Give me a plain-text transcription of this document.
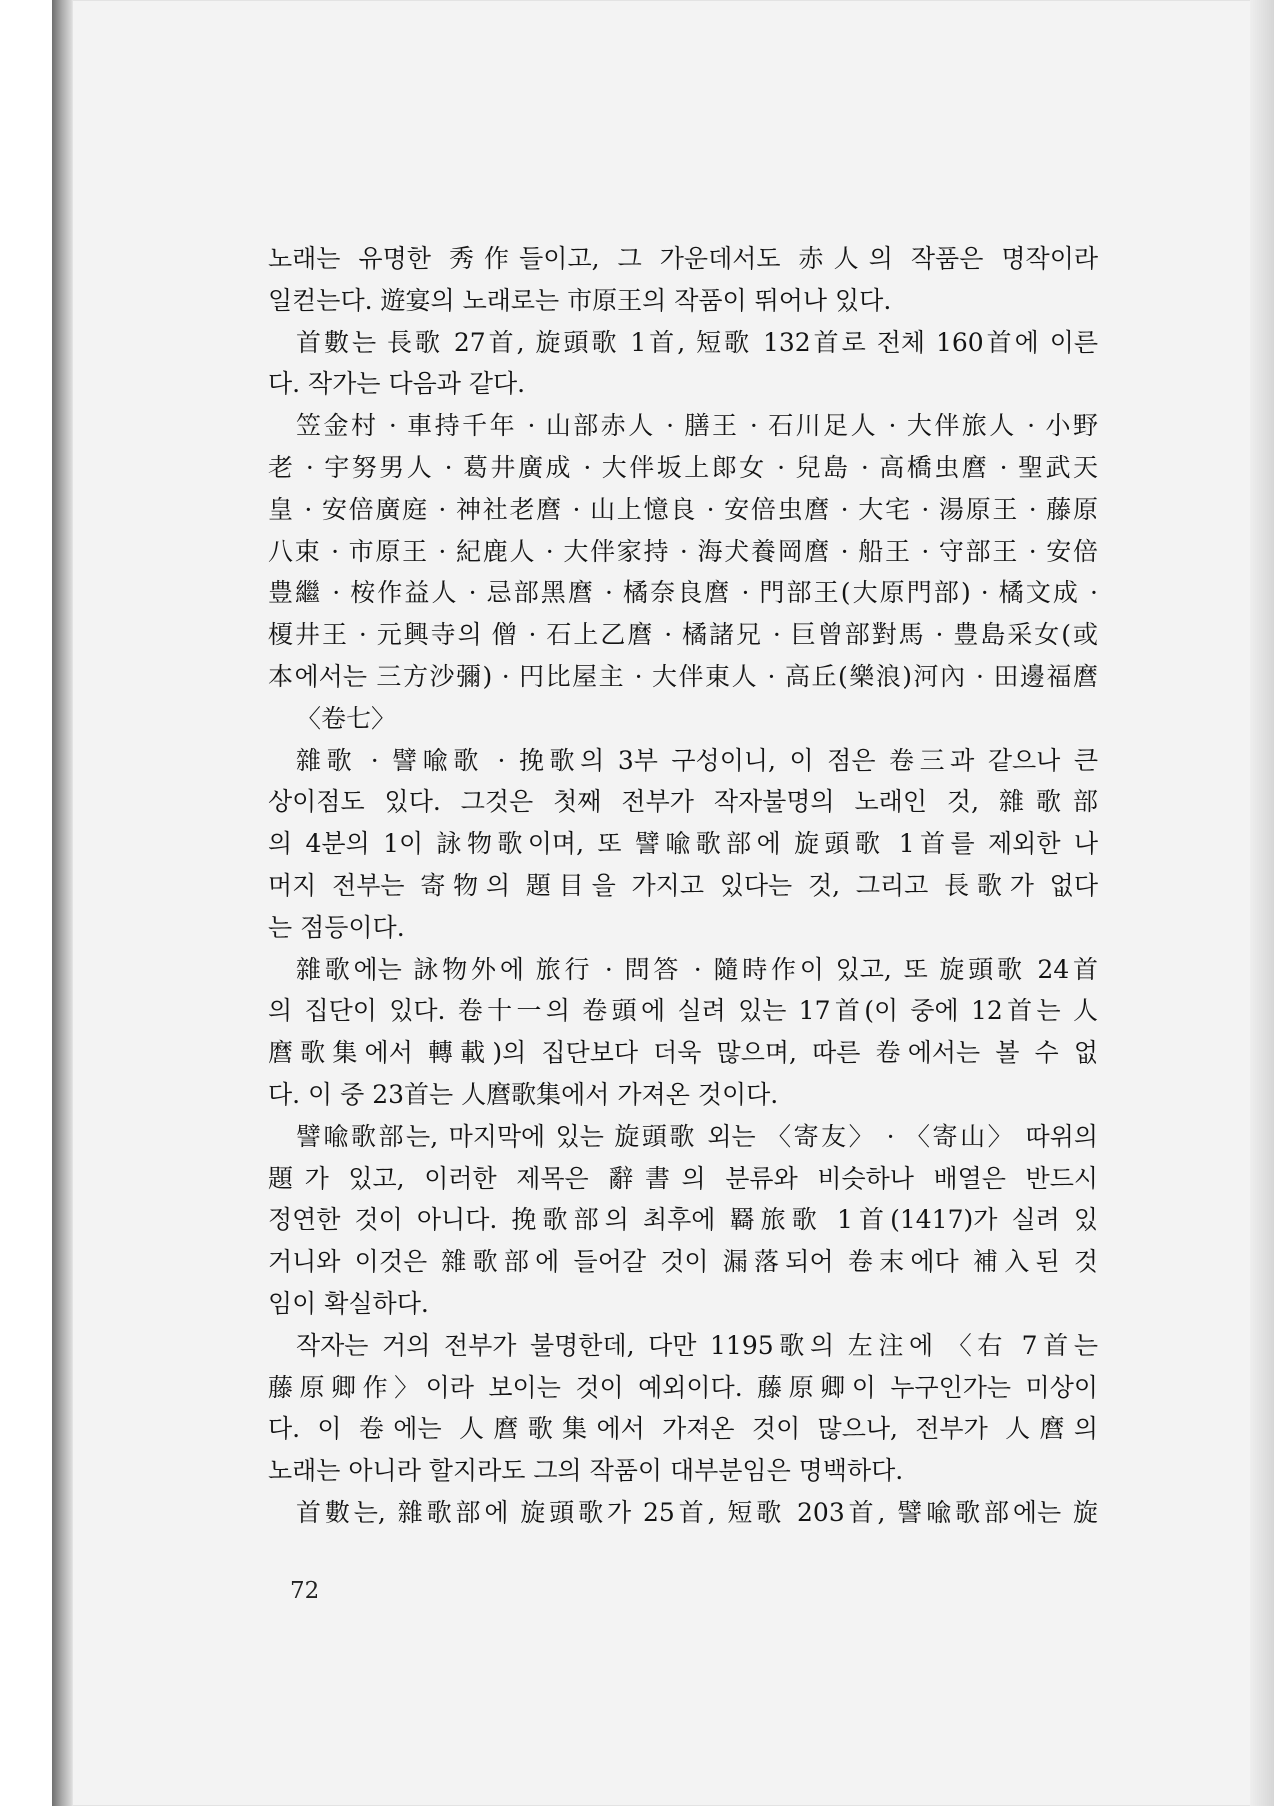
노래는 유명한 秀作들이고, 그 가운데서도 赤人의 작품은 명작이라
일컫는다. 遊宴의 노래로는 市原王의 작품이 뛰어나 있다.
首數는 長歌 27首, 旋頭歌 1首, 短歌 132首로 전체 160首에 이른
다. 작가는 다음과 같다.
笠金村 · 車持千年 · 山部赤人 · 膳王 · 石川足人 · 大伴旅人 · 小野
老 · 宇努男人 · 葛井廣成 · 大伴坂上郞女 · 兒島 · 高橋虫麿 · 聖武天
皇 · 安倍廣庭 · 神社老麿 · 山上憶良 · 安倍虫麿 · 大宅 · 湯原王 · 藤原
八束 · 市原王 · 紀鹿人 · 大伴家持 · 海犬養岡麿 · 船王 · 守部王 · 安倍
豊繼 · 桉作益人 · 忌部黑麿 · 橘奈良麿 · 門部王(大原門部) · 橘文成 ·
榎井王 · 元興寺의 僧 · 石上乙麿 · 橘諸兄 · 巨曾部對馬 · 豊島采女(或
本에서는 三方沙彌) · 円比屋主 · 大伴東人 · 高丘(樂浪)河內 · 田邊福麿
〈卷七〉
雜歌 · 譬喩歌 · 挽歌의 3부 구성이니, 이 점은 卷三과 같으나 큰
상이점도 있다. 그것은 첫째 전부가 작자불명의 노래인 것, 雜歌部
의 4분의 1이 詠物歌이며, 또 譬喩歌部에 旋頭歌 1首를 제외한 나
머지 전부는 寄物의 題目을 가지고 있다는 것, 그리고 長歌가 없다
는 점등이다.
雜歌에는 詠物外에 旅行 · 問答 · 隨時作이 있고, 또 旋頭歌 24首
의 집단이 있다. 卷十一의 卷頭에 실려 있는 17首(이 중에 12首는 人
麿歌集에서 轉載)의 집단보다 더욱 많으며, 따른 卷에서는 볼 수 없
다. 이 중 23首는 人麿歌集에서 가져온 것이다.
譬喩歌部는, 마지막에 있는 旋頭歌 외는 〈寄友〉 · 〈寄山〉 따위의
題가 있고, 이러한 제목은 辭書의 분류와 비슷하나 배열은 반드시
정연한 것이 아니다. 挽歌部의 최후에 羇旅歌 1首(1417)가 실려 있
거니와 이것은 雜歌部에 들어갈 것이 漏落되어 卷末에다 補入된 것
임이 확실하다.
작자는 거의 전부가 불명한데, 다만 1195歌의 左注에 〈右 7首는
藤原卿作〉이라 보이는 것이 예외이다. 藤原卿이 누구인가는 미상이
다. 이 卷에는 人麿歌集에서 가져온 것이 많으나, 전부가 人麿의
노래는 아니라 할지라도 그의 작품이 대부분임은 명백하다.
首數는, 雜歌部에 旋頭歌가 25首, 短歌 203首, 譬喩歌部에는 旋
72
